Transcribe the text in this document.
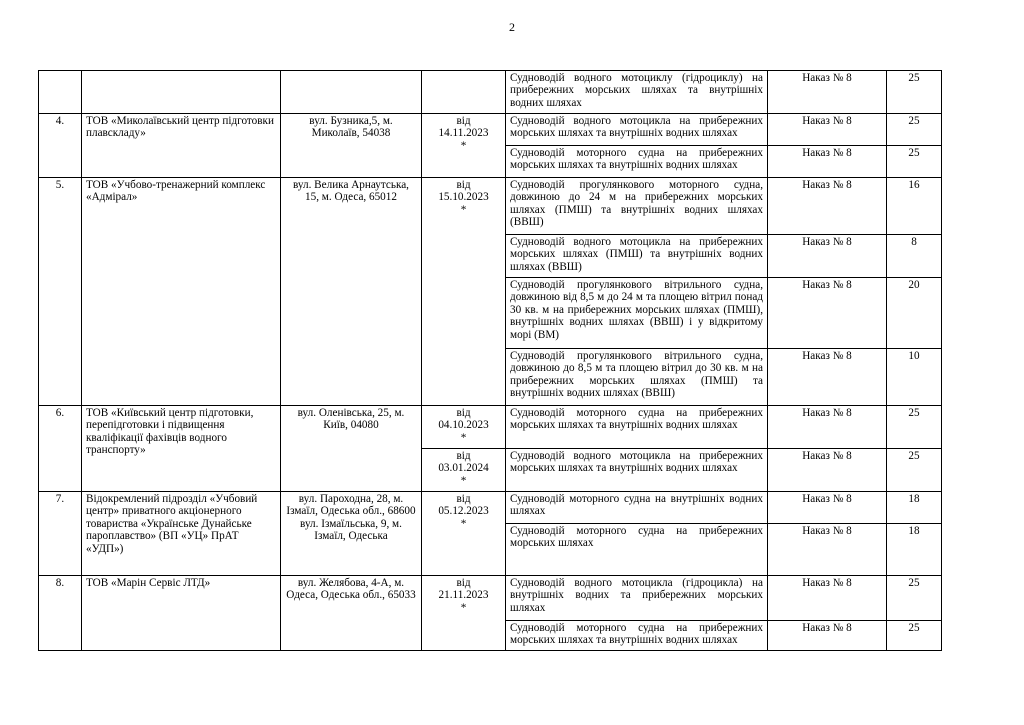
2
				Судноводій водного мотоциклу (гідроциклу) на прибережних морських шляхах та внутрішніх водних шляхах	Наказ № 8	25
4.	ТОВ «Миколаївський центр підготовки плавскладу»	вул. Бузника,5, м. Миколаїв, 54038	від
14.11.2023
*	Судноводій водного мотоцикла на прибережних морських шляхах та внутрішніх водних шляхах	Наказ № 8	25
				Судноводій моторного судна на прибережних морських шляхах та внутрішніх водних шляхах	Наказ № 8	25
5.	ТОВ «Учбово-тренажерний комплекс «Адмірал»	вул. Велика Арнаутська, 15, м. Одеса, 65012	від
15.10.2023
*	Судноводій прогулянкового моторного судна, довжиною до 24 м на прибережних морських шляхах (ПМШ) та внутрішніх водних шляхах (ВВШ)	Наказ № 8	16
				Судноводій водного мотоцикла на прибережних морських шляхах (ПМШ) та внутрішніх водних шляхах (ВВШ)	Наказ № 8	8
				Судноводій прогулянкового вітрильного судна, довжиною від 8,5 м до 24 м та площею вітрил понад 30 кв. м на прибережних морських шляхах (ПМШ), внутрішніх водних шляхах (ВВШ) і у відкритому морі (ВМ)	Наказ № 8	20
				Судноводій прогулянкового вітрильного судна, довжиною до 8,5 м та площею вітрил до 30 кв. м на прибережних морських шляхах (ПМШ) та внутрішніх водних шляхах (ВВШ)	Наказ № 8	10
6.	ТОВ «Київський центр підготовки, перепідготовки і підвищення кваліфікації фахівців водного транспорту»	вул. Оленівська, 25, м. Київ, 04080	від
04.10.2023
*	Судноводій моторного судна на прибережних морських шляхах та внутрішніх водних шляхах	Наказ № 8	25

			від
03.01.2024
*	Судноводій водного мотоцикла на прибережних морських шляхах та внутрішніх водних шляхах	Наказ № 8	25
7.	Відокремлений підрозділ «Учбовий центр» приватного акціонерного товариства «Українське Дунайське пароплавство» (ВП «УЦ» ПрАТ «УДП»)	вул. Пароходна, 28, м. Ізмаїл, Одеська обл., 68600 вул. Ізмаїльська, 9, м. Ізмаїл, Одеська	від
05.12.2023
*	Судноводій моторного судна на внутрішніх водних шляхах	Наказ № 8	18
				Судноводій моторного судна на прибережних морських шляхах	Наказ № 8	18
8.	ТОВ «Марін Сервіс ЛТД»	вул. Желябова, 4-А, м. Одеса, Одеська обл., 65033	від
21.11.2023
*	Судноводій водного мотоцикла (гідроцикла) на внутрішніх водних та прибережних морських шляхах	Наказ № 8	25
				Судноводій моторного судна на прибережних морських шляхах та внутрішніх водних шляхах	Наказ № 8	25
